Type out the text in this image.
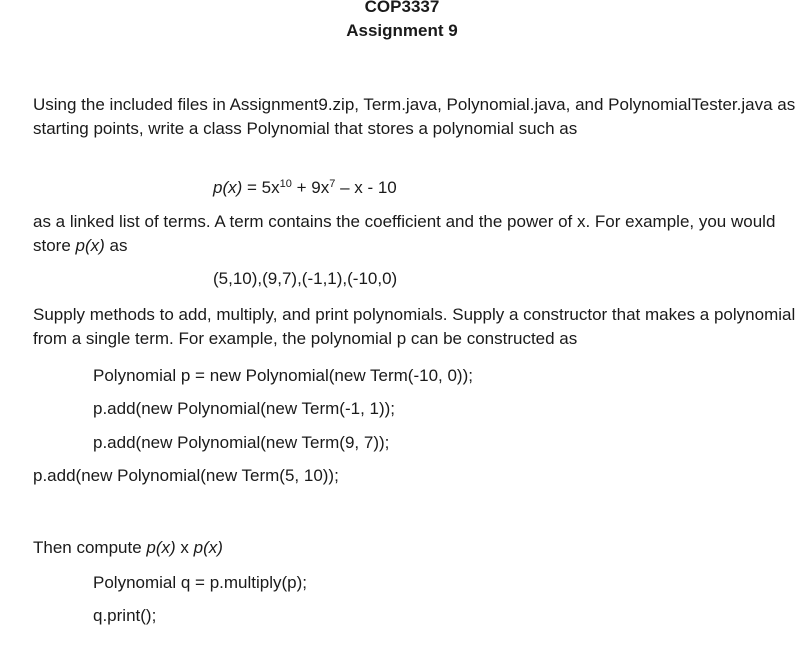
COP3337
Assignment 9
Using the included files in Assignment9.zip, Term.java, Polynomial.java, and PolynomialTester.java as starting points, write a class Polynomial that stores a polynomial such as
$p(x) = 5x^{10} + 9x^7 - x - 10$
as a linked list of terms. A term contains the coefficient and the power of x. For example, you would store p(x) as
(5,10),(9,7),(-1,1),(-10,0)
Supply methods to add, multiply, and print polynomials. Supply a constructor that makes a polynomial from a single term. For example, the polynomial p can be constructed as
Polynomial p = new Polynomial(new Term(-10, 0));
p.add(new Polynomial(new Term(-1, 1));
p.add(new Polynomial(new Term(9, 7));
p.add(new Polynomial(new Term(5, 10));
Then compute p(x) x p(x)
Polynomial q = p.multiply(p);
q.print();
